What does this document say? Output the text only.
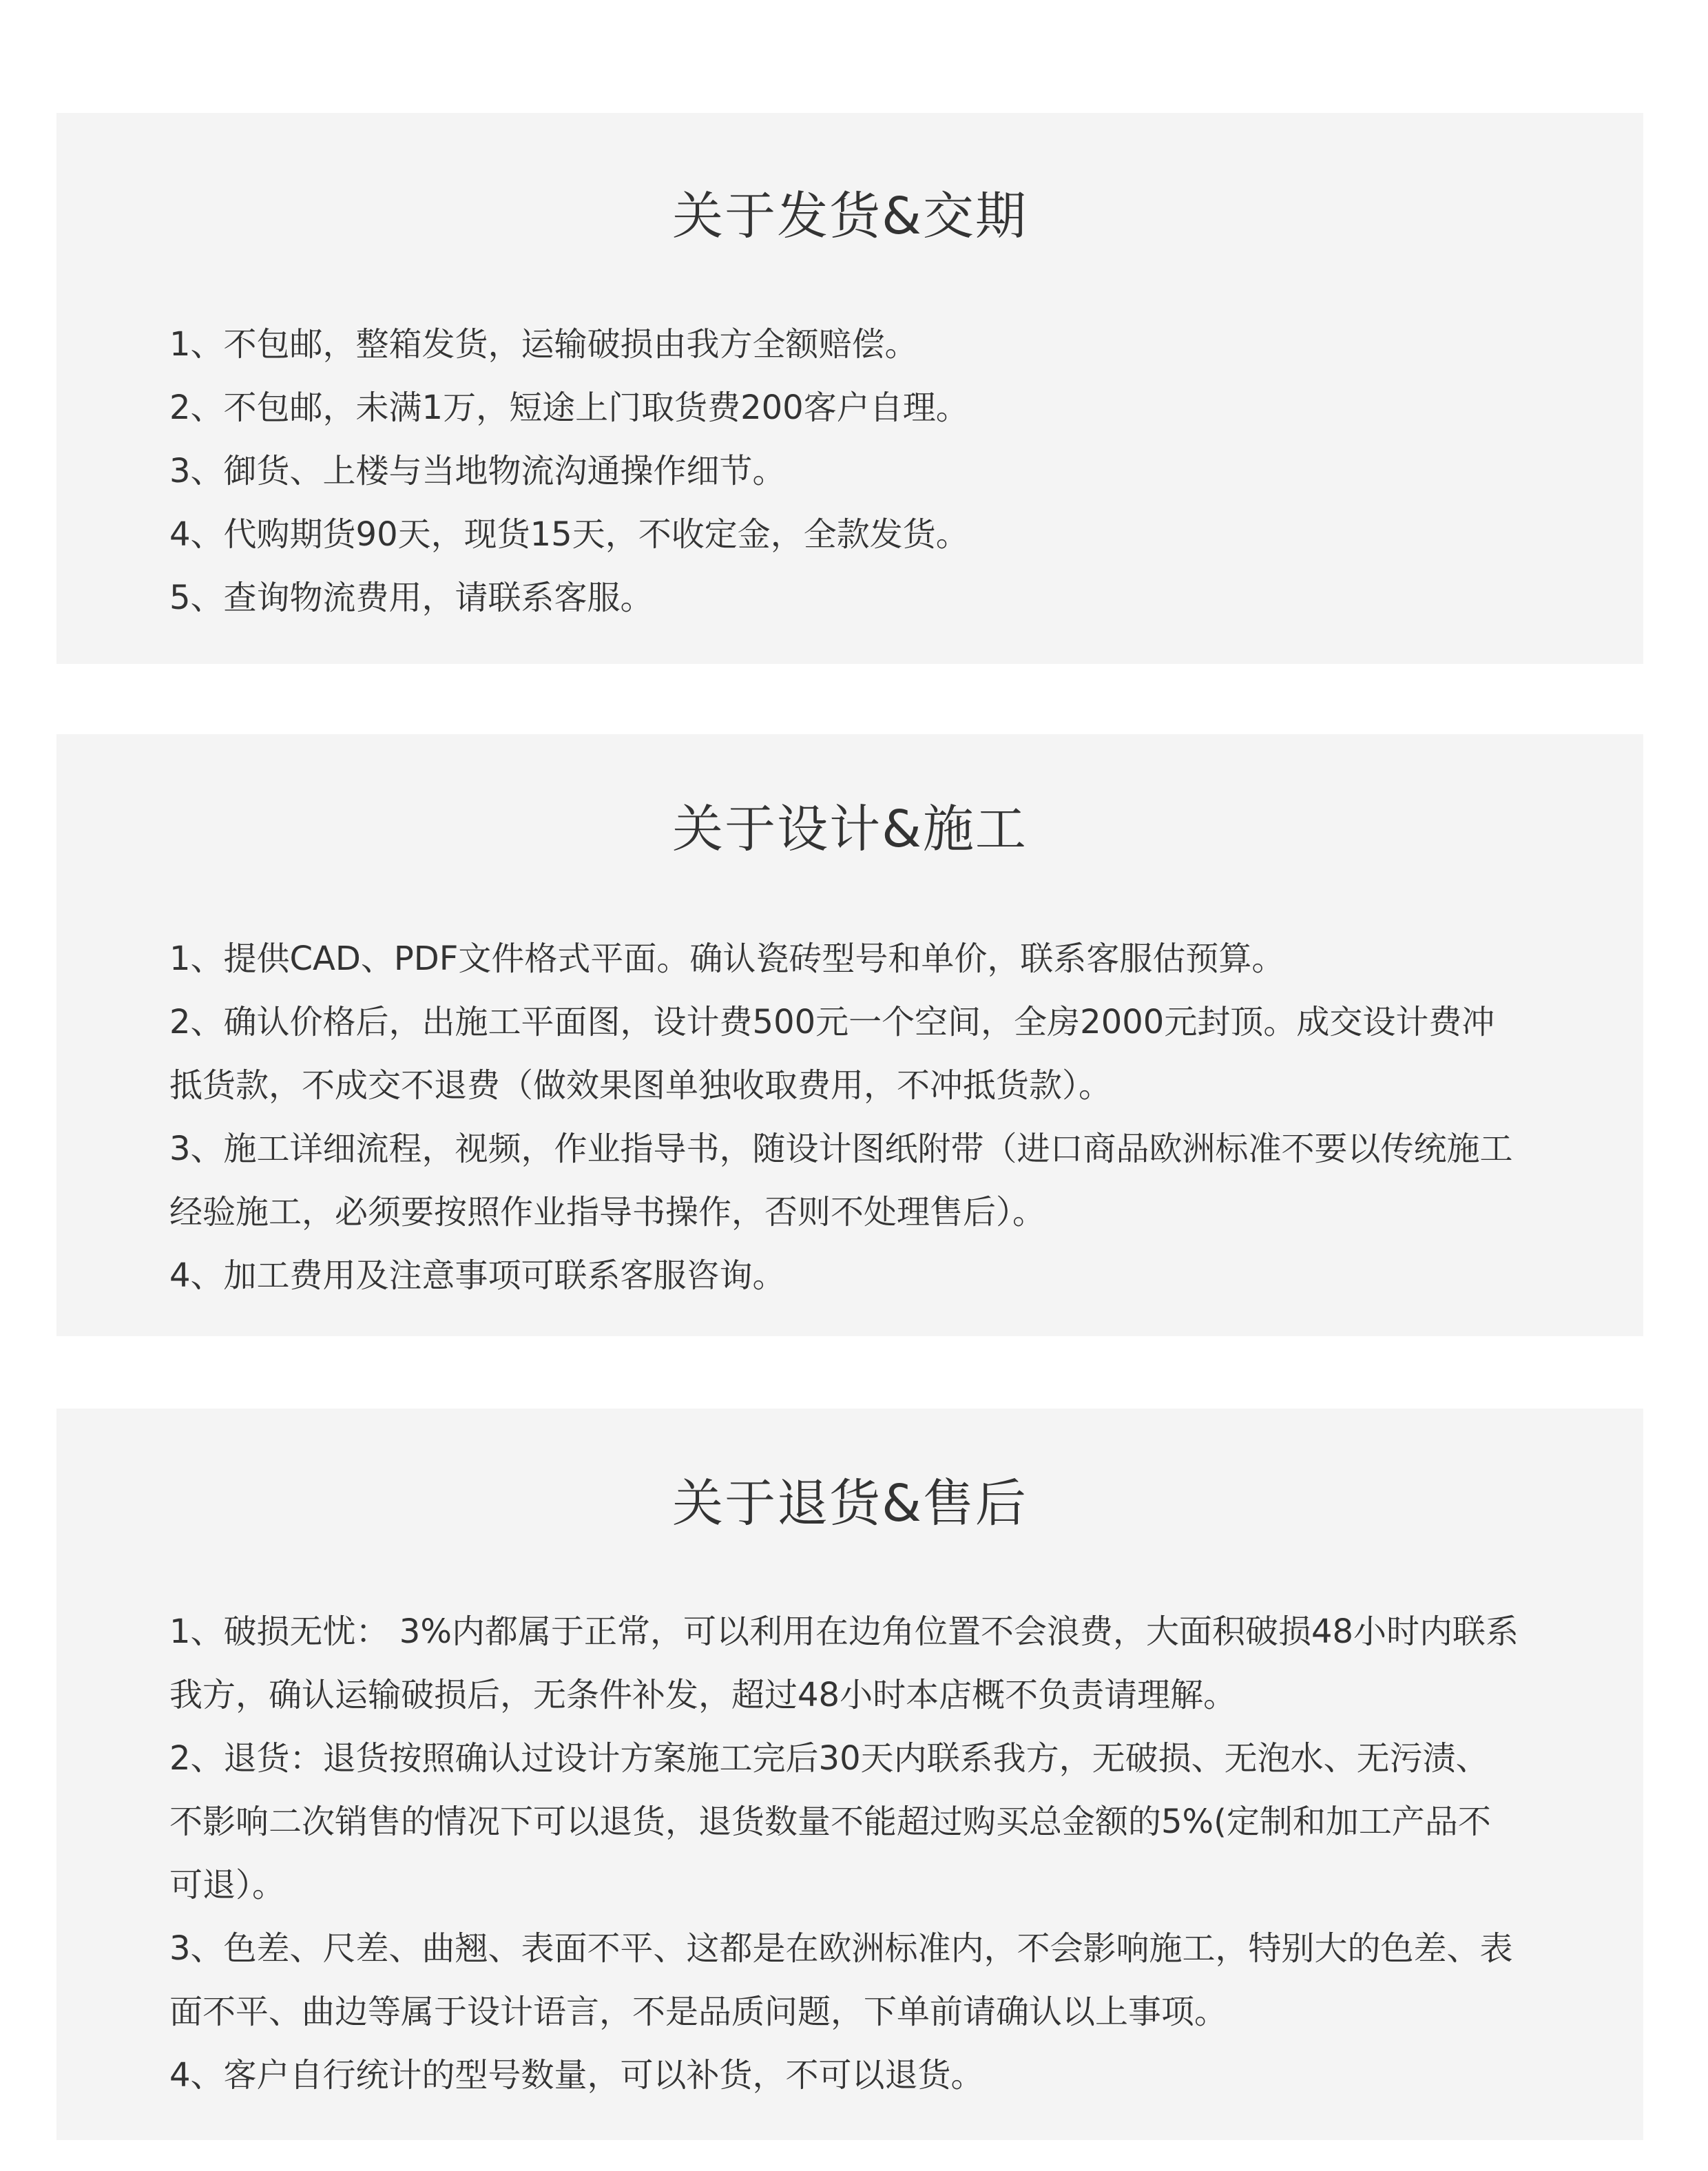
关于发货&交期
1、不包邮，整箱发货，运输破损由我方全额赔偿。
2、不包邮，未满1万，短途上门取货费200客户自理。
3、御货、上楼与当地物流沟通操作细节。
4、代购期货90天，现货15天，不收定金，全款发货。
5、查询物流费用，请联系客服。
关于设计&施工
1、提供CAD、PDF文件格式平面。确认瓷砖型号和单价，联系客服估预算。
2、确认价格后，出施工平面图，设计费500元一个空间，全房2000元封顶。成交设计费冲抵货款，不成交不退费（做效果图单独收取费用，不冲抵货款）。
3、施工详细流程，视频，作业指导书，随设计图纸附带（进口商品欧洲标准不要以传统施工经验施工，必须要按照作业指导书操作，否则不处理售后）。
4、加工费用及注意事项可联系客服咨询。
关于退货&售后
1、破损无忧： 3%内都属于正常，可以利用在边角位置不会浪费，大面积破损48小时内联系我方，确认运输破损后，无条件补发，超过48小时本店概不负责请理解。
2、退货：退货按照确认过设计方案施工完后30天内联系我方，无破损、无泡水、无污渍、不影响二次销售的情况下可以退货，退货数量不能超过购买总金额的5%(定制和加工产品不可退）。
3、色差、尺差、曲翘、表面不平、这都是在欧洲标准内，不会影响施工，特别大的色差、表面不平、曲边等属于设计语言，不是品质问题，下单前请确认以上事项。
4、客户自行统计的型号数量，可以补货，不可以退货。
